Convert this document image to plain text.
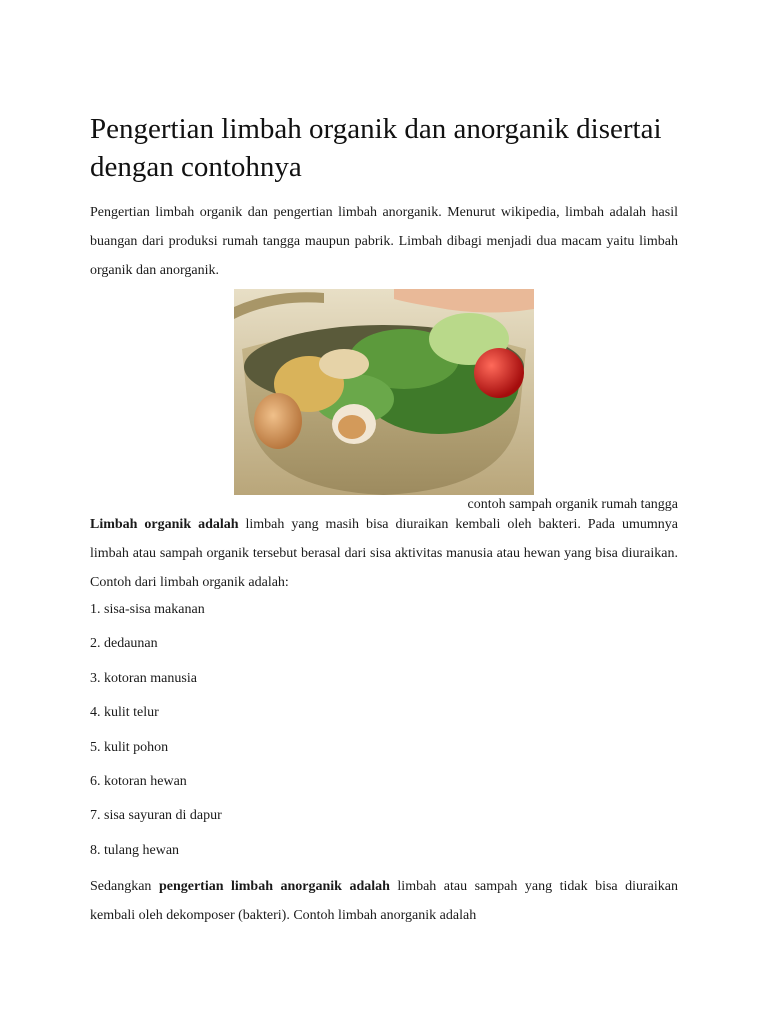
Pengertian limbah organik dan anorganik disertai dengan contohnya

Pengertian limbah organik dan pengertian limbah anorganik. Menurut wikipedia, limbah adalah hasil buangan dari produksi rumah tangga maupun pabrik. Limbah dibagi menjadi dua macam yaitu limbah organik dan anorganik.

contoh sampah organik rumah tangga

Limbah organik adalah limbah yang masih bisa diuraikan kembali oleh bakteri. Pada umumnya limbah atau sampah organik tersebut berasal dari sisa aktivitas manusia atau hewan yang bisa diuraikan. Contoh dari limbah organik adalah:

1. sisa-sisa makanan
2. dedaunan
3. kotoran manusia
4. kulit telur
5. kulit pohon
6. kotoran hewan
7. sisa sayuran di dapur
8. tulang hewan

Sedangkan pengertian limbah anorganik adalah limbah atau sampah yang tidak bisa diuraikan kembali oleh dekomposer (bakteri). Contoh limbah anorganik adalah
